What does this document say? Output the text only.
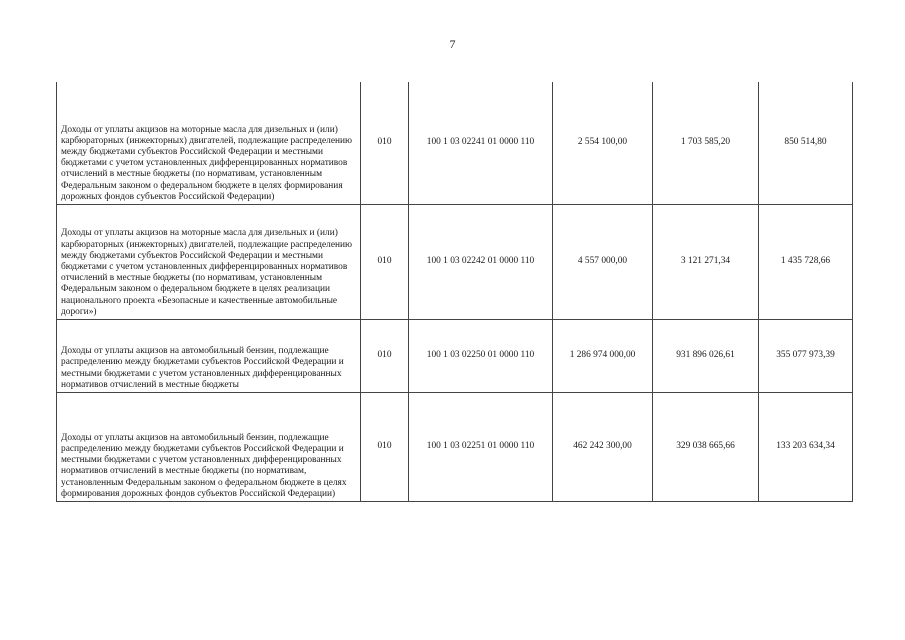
7
Доходы от уплаты акцизов на моторные масла для дизельных и (или) карбюраторных (инжекторных) двигателей, подлежащие распределению между бюджетами субъектов Российской Федерации и местными бюджетами с учетом установленных дифференцированных нормативов отчислений в местные бюджеты (по нормативам, установленным Федеральным законом о федеральном бюджете в целях формирования дорожных фондов субъектов Российской Федерации)	010	100 1 03 02241 01 0000 110	2 554 100,00	1 703 585,20	850 514,80
Доходы от уплаты акцизов на моторные масла для дизельных и (или) карбюраторных (инжекторных) двигателей, подлежащие распределению между бюджетами субъектов Российской Федерации и местными бюджетами с учетом установленных дифференцированных нормативов отчислений в местные бюджеты (по нормативам, установленным Федеральным законом о федеральном бюджете в целях реализации национального проекта «Безопасные и качественные автомобильные дороги»)	010	100 1 03 02242 01 0000 110	4 557 000,00	3 121 271,34	1 435 728,66
Доходы от уплаты акцизов на автомобильный бензин, подлежащие распределению между бюджетами субъектов Российской Федерации и местными бюджетами с учетом установленных дифференцированных нормативов отчислений в местные бюджеты	010	100 1 03 02250 01 0000 110	1 286 974 000,00	931 896 026,61	355 077 973,39
Доходы от уплаты акцизов на автомобильный бензин, подлежащие распределению между бюджетами субъектов Российской Федерации и местными бюджетами с учетом установленных дифференцированных нормативов отчислений в местные бюджеты (по нормативам, установленным Федеральным законом о федеральном бюджете в целях формирования дорожных фондов субъектов Российской Федерации)	010	100 1 03 02251 01 0000 110	462 242 300,00	329 038 665,66	133 203 634,34
